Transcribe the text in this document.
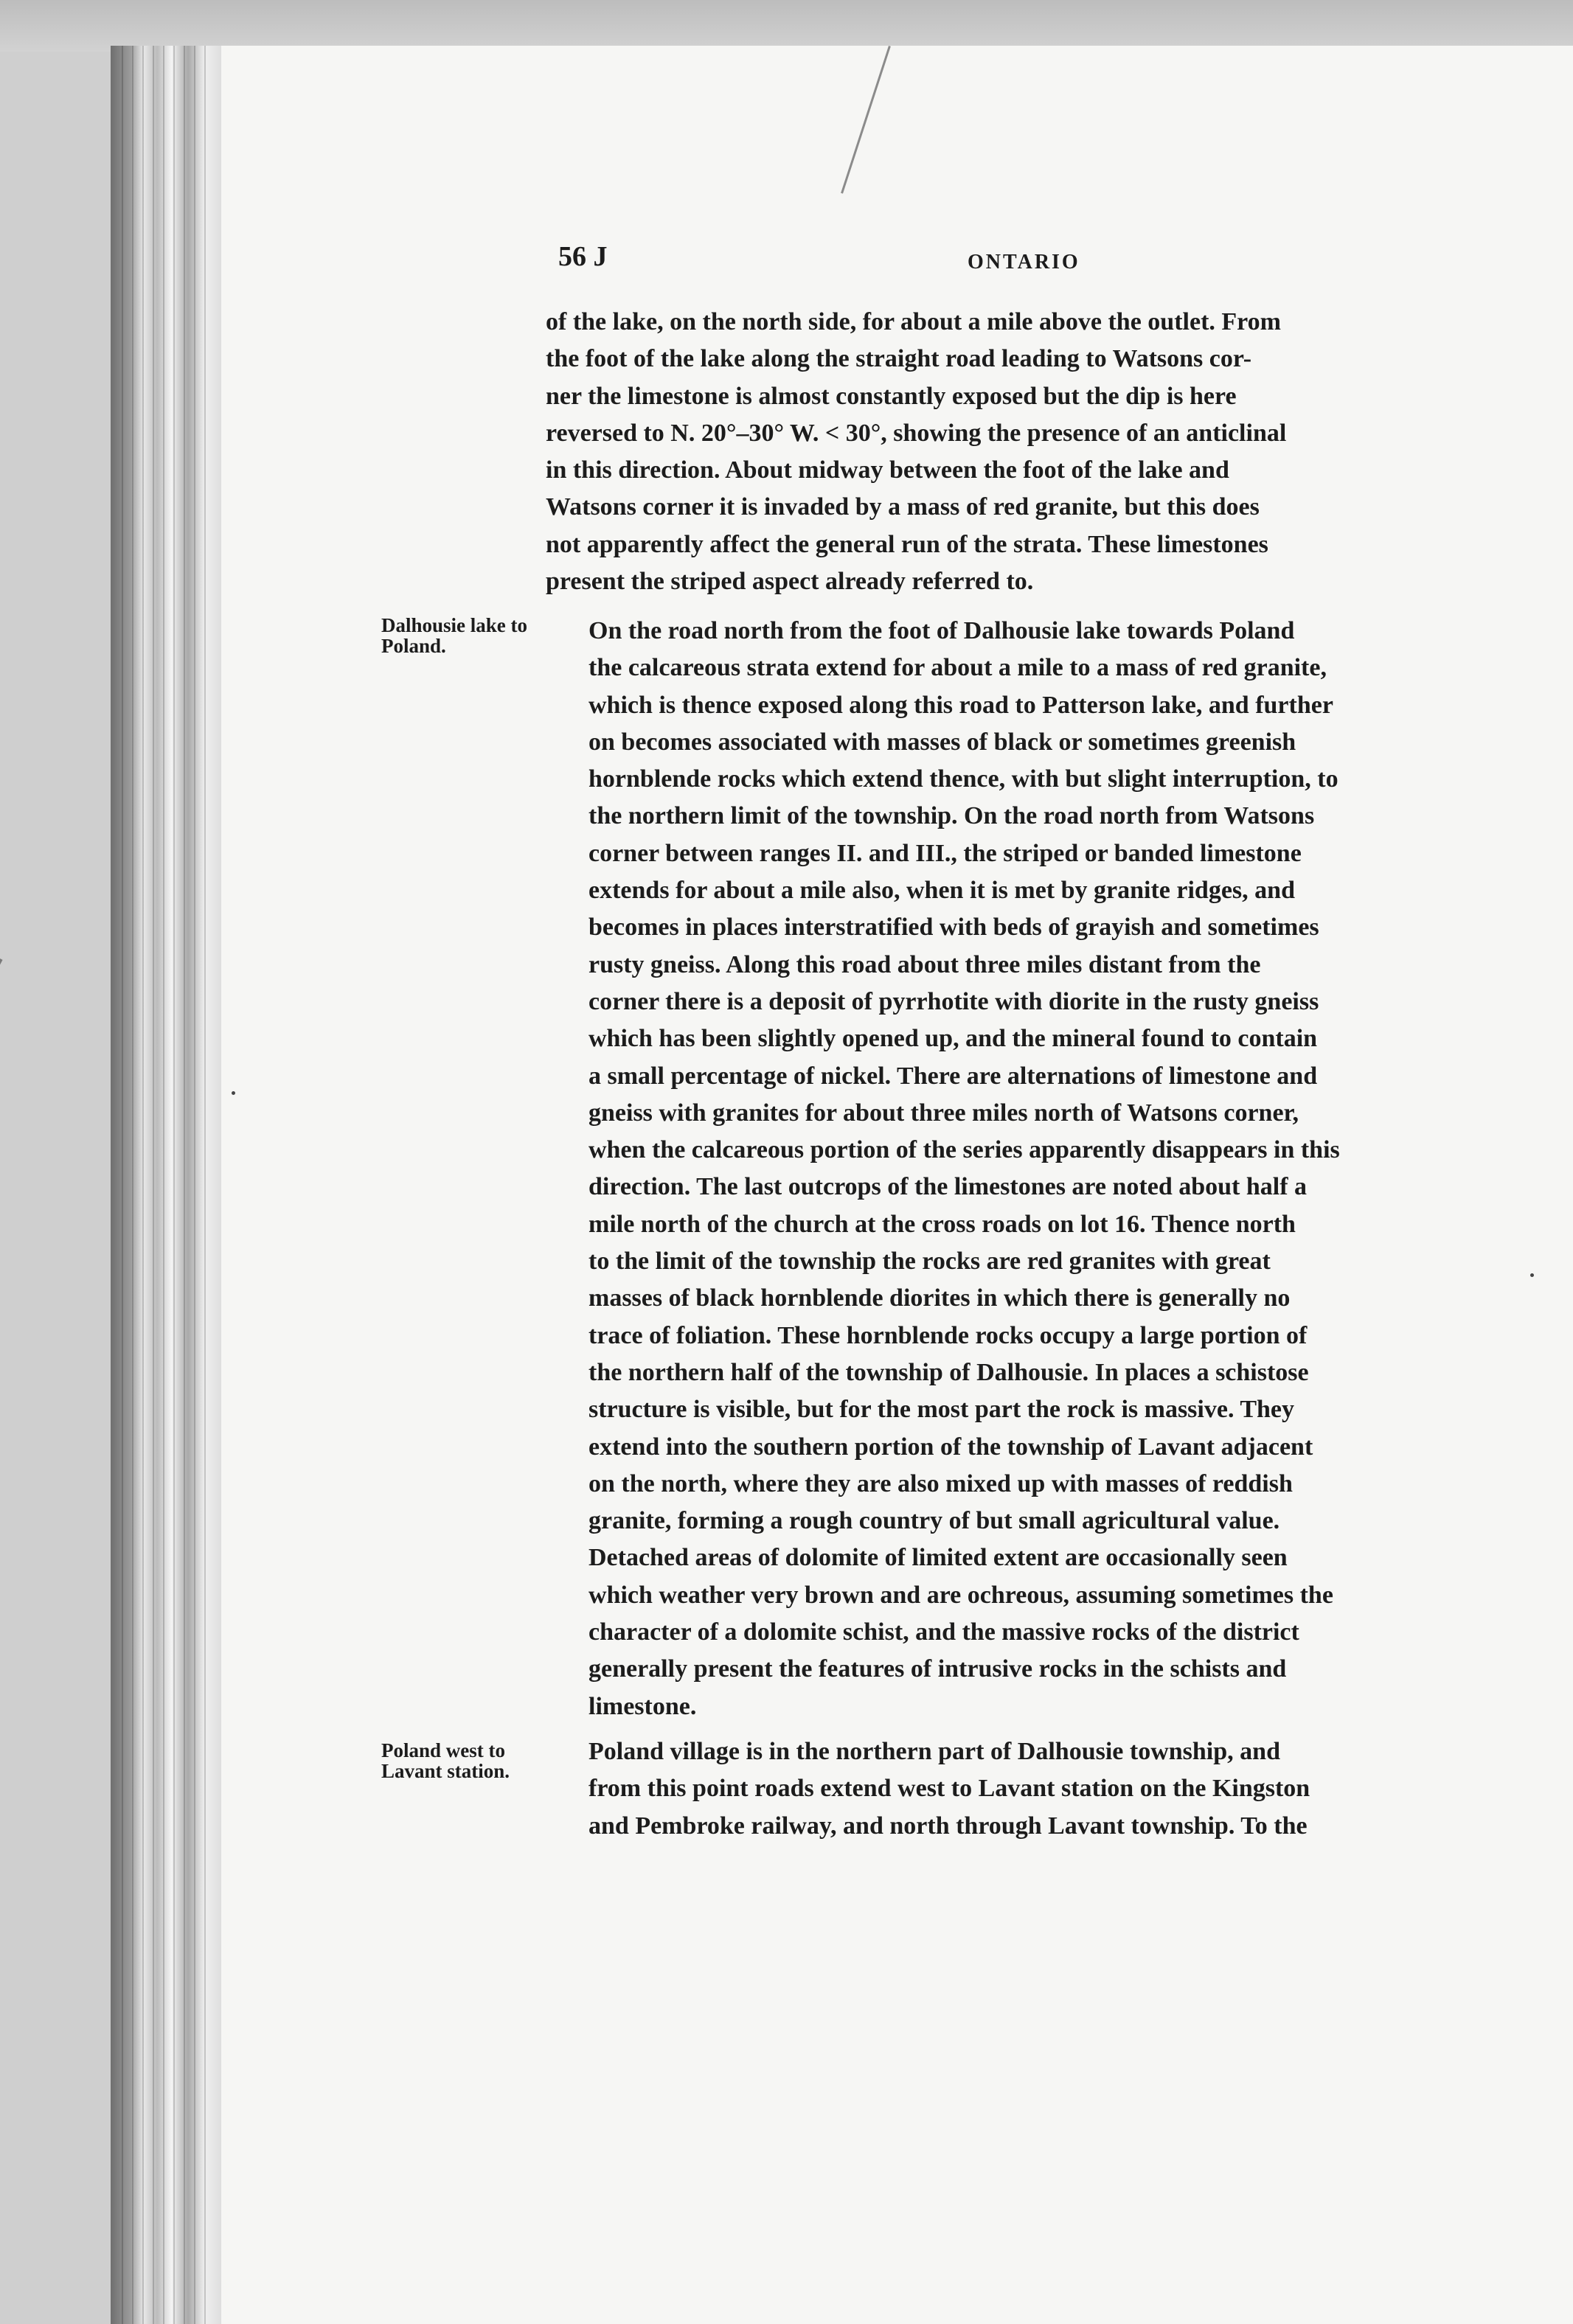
56 J	ONTARIO
Dalhousie lake to Poland.
Poland west to Lavant station.
of the lake, on the north side, for about a mile above the outlet. From
the foot of the lake along the straight road leading to Watsons cor-
ner the limestone is almost constantly exposed but the dip is here
reversed to N. 20°–30° W. < 30°, showing the presence of an anticlinal
in this direction. About midway between the foot of the lake and
Watsons corner it is invaded by a mass of red granite, but this does
not apparently affect the general run of the strata. These limestones
present the striped aspect already referred to.
On the road north from the foot of Dalhousie lake towards Poland
the calcareous strata extend for about a mile to a mass of red granite,
which is thence exposed along this road to Patterson lake, and further
on becomes associated with masses of black or sometimes greenish
hornblende rocks which extend thence, with but slight interruption, to
the northern limit of the township. On the road north from Watsons
corner between ranges II. and III., the striped or banded limestone
extends for about a mile also, when it is met by granite ridges, and
becomes in places interstratified with beds of grayish and sometimes
rusty gneiss. Along this road about three miles distant from the
corner there is a deposit of pyrrhotite with diorite in the rusty gneiss
which has been slightly opened up, and the mineral found to contain
a small percentage of nickel. There are alternations of limestone and
gneiss with granites for about three miles north of Watsons corner,
when the calcareous portion of the series apparently disappears in this
direction. The last outcrops of the limestones are noted about half a
mile north of the church at the cross roads on lot 16. Thence north
to the limit of the township the rocks are red granites with great
masses of black hornblende diorites in which there is generally no
trace of foliation. These hornblende rocks occupy a large portion of
the northern half of the township of Dalhousie. In places a schistose
structure is visible, but for the most part the rock is massive. They
extend into the southern portion of the township of Lavant adjacent
on the north, where they are also mixed up with masses of reddish
granite, forming a rough country of but small agricultural value.
Detached areas of dolomite of limited extent are occasionally seen
which weather very brown and are ochreous, assuming sometimes the
character of a dolomite schist, and the massive rocks of the district
generally present the features of intrusive rocks in the schists and
limestone.
Poland village is in the northern part of Dalhousie township, and
from this point roads extend west to Lavant station on the Kingston
and Pembroke railway, and north through Lavant township. To the
